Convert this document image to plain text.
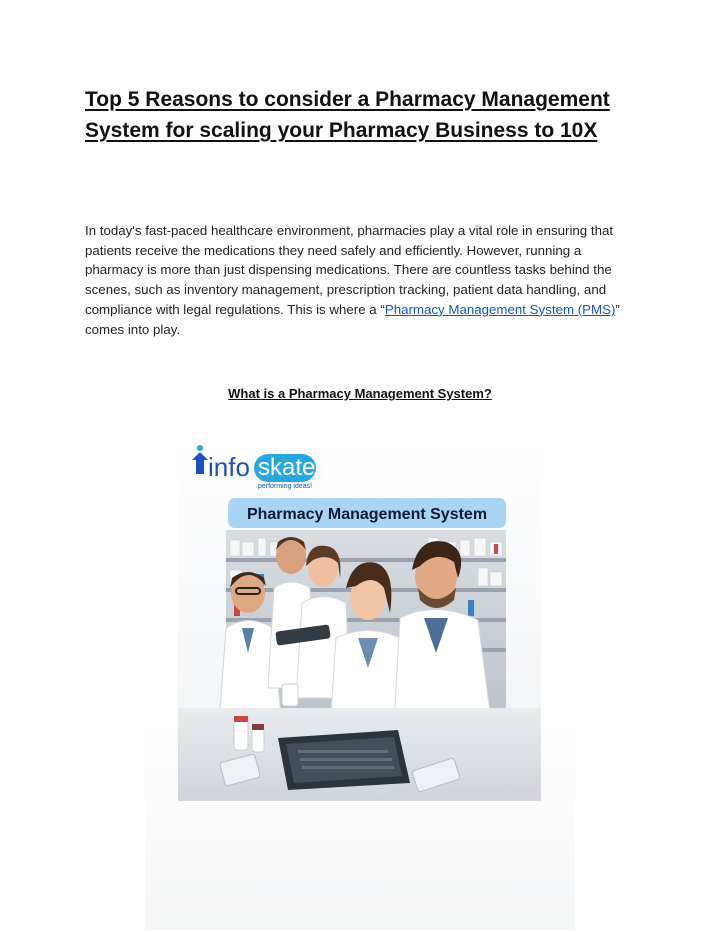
Top 5 Reasons to consider a Pharmacy Management System for scaling your Pharmacy Business to 10X

In today's fast-paced healthcare environment, pharmacies play a vital role in ensuring that patients receive the medications they need safely and efficiently. However, running a pharmacy is more than just dispensing medications. There are countless tasks behind the scenes, such as inventory management, prescription tracking, patient data handling, and compliance with legal regulations. This is where a “Pharmacy Management System (PMS)” comes into play.

What is a Pharmacy Management System?
info skaters
performing ideas!
Pharmacy Management System
